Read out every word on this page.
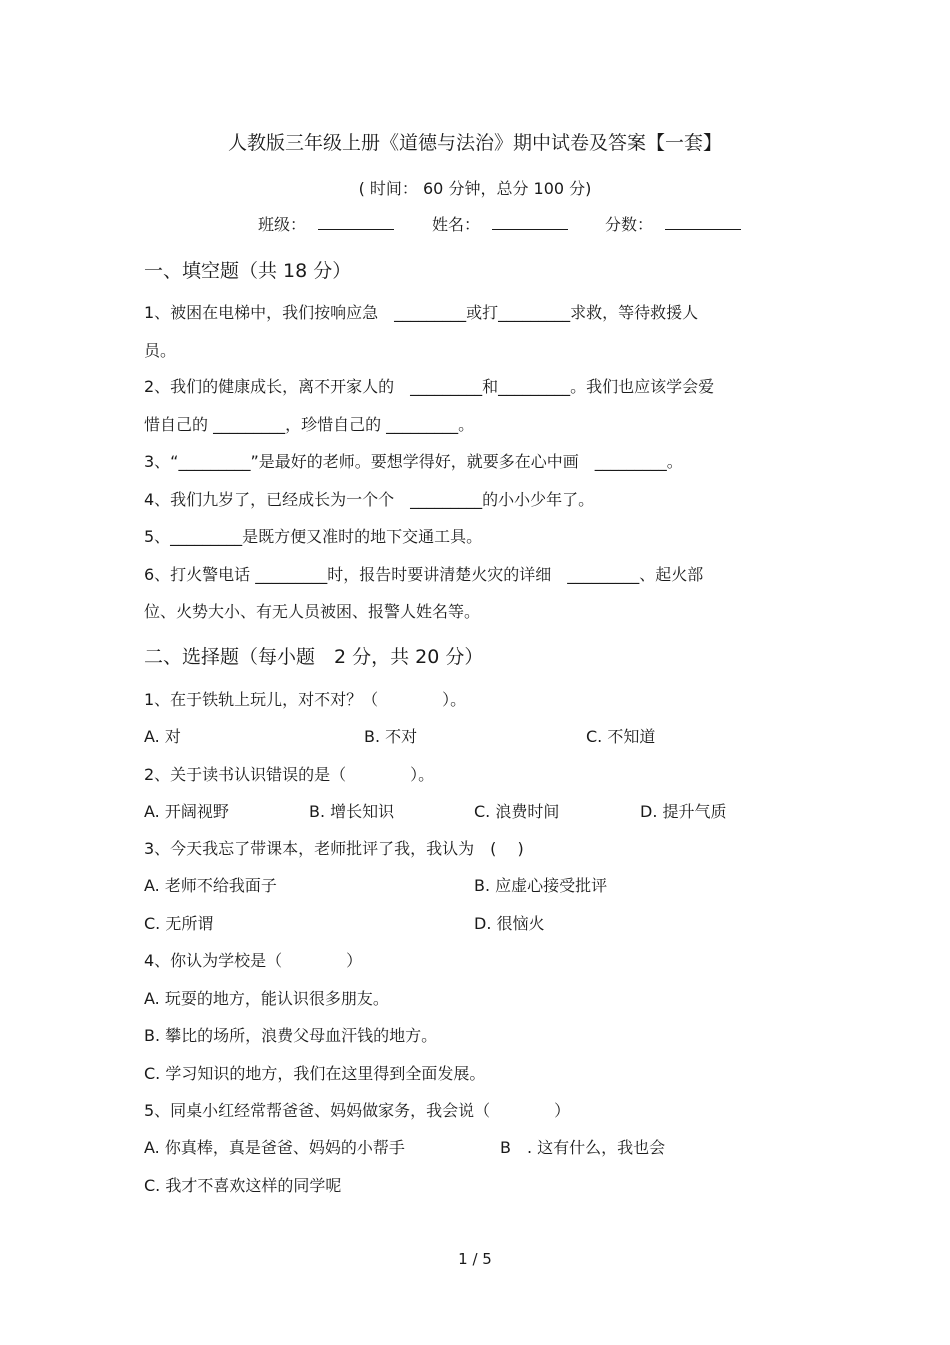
人教版三年级上册《道德与法治》期中试卷及答案【一套】
( 时间： 60 分钟，总分 100 分)
班级：	姓名：	分数：
一、填空题（共 18 分）
1、被困在电梯中，我们按响应急　_________或打_________求救，等待救援人
员。
2、我们的健康成长，离不开家人的　_________和_________。我们也应该学会爱
惜自己的 _________，珍惜自己的 _________。
3、“_________”是最好的老师。要想学得好，就要多在心中画　_________。
4、我们九岁了，已经成长为一个个　_________的小小少年了。
5、_________是既方便又准时的地下交通工具。
6、打火警电话 _________时，报告时要讲清楚火灾的详细　_________、起火部
位、火势大小、有无人员被困、报警人姓名等。
二、选择题（每小题　2 分，共 20 分）
1、在于铁轨上玩儿，对不对？（　　　　）。
A. 对	B. 不对	C. 不知道
2、关于读书认识错误的是（　　　　）。
A. 开阔视野	B. 增长知识	C. 浪费时间	D. 提升气质
3、今天我忘了带课本，老师批评了我，我认为　( 　)
A. 老师不给我面子	B. 应虚心接受批评
C. 无所谓	D. 很恼火
4、你认为学校是（　　　　）
A. 玩耍的地方，能认识很多朋友。
B. 攀比的场所，浪费父母血汗钱的地方。
C. 学习知识的地方，我们在这里得到全面发展。
5、同桌小红经常帮爸爸、妈妈做家务，我会说（　　　　）
A. 你真棒，真是爸爸、妈妈的小帮手	B　. 这有什么，我也会
C. 我才不喜欢这样的同学呢
1 / 5
